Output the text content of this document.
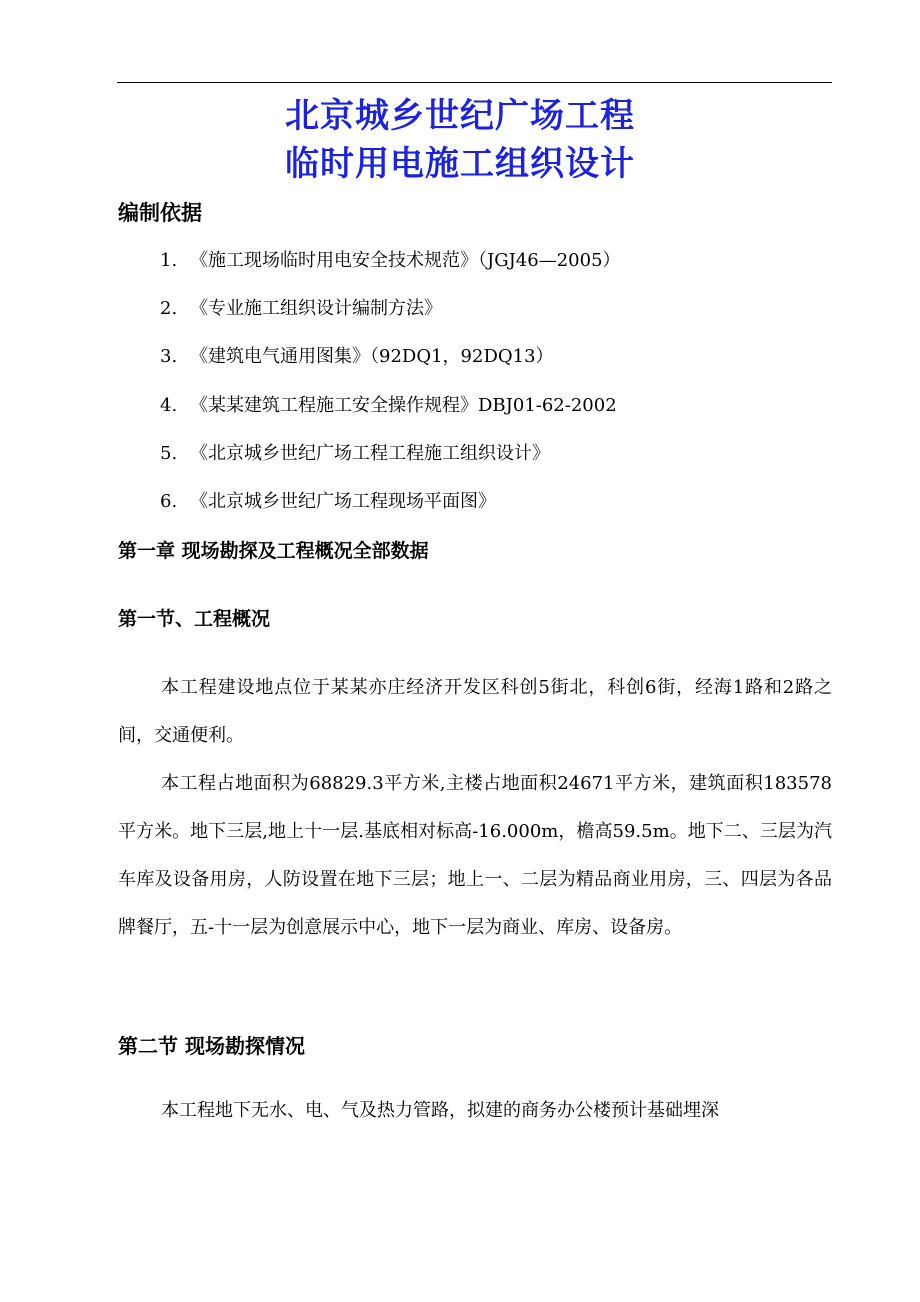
北京城乡世纪广场工程
临时用电施工组织设计
编制依据
1. 《施工现场临时用电安全技术规范》（JGJ46—2005）
2. 《专业施工组织设计编制方法》
3. 《建筑电气通用图集》（92DQ1，92DQ13）
4. 《某某建筑工程施工安全操作规程》DBJ01-62-2002
5. 《北京城乡世纪广场工程工程施工组织设计》
6. 《北京城乡世纪广场工程现场平面图》
第一章 现场勘探及工程概况全部数据
第一节、工程概况

本工程建设地点位于某某亦庄经济开发区科创5街北，科创6街，经海1路和2路之间，交通便利。

本工程占地面积为68829.3平方米,主楼占地面积24671平方米，建筑面积183578平方米。地下三层,地上十一层.基底相对标高-16.000m，檐高59.5m。地下二、三层为汽车库及设备用房，人防设置在地下三层；地上一、二层为精品商业用房，三、四层为各品牌餐厅，五-十一层为创意展示中心，地下一层为商业、库房、设备房。

第二节 现场勘探情况

本工程地下无水、电、气及热力管路，拟建的商务办公楼预计基础埋深
